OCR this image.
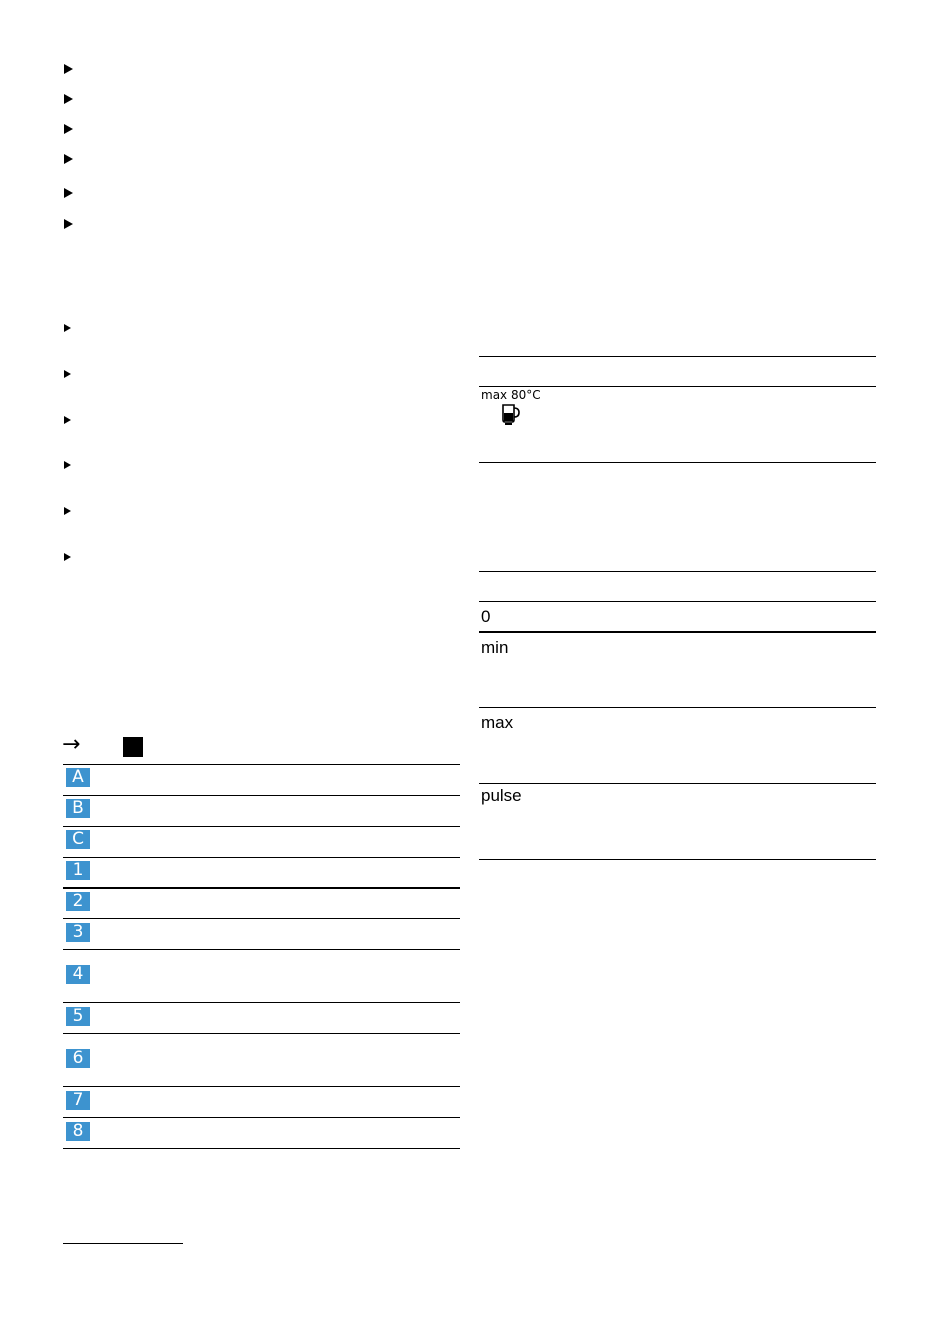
max 80°C
0
min
max
pulse
→
A
B
C
1
2
3
4
5
6
7
8
